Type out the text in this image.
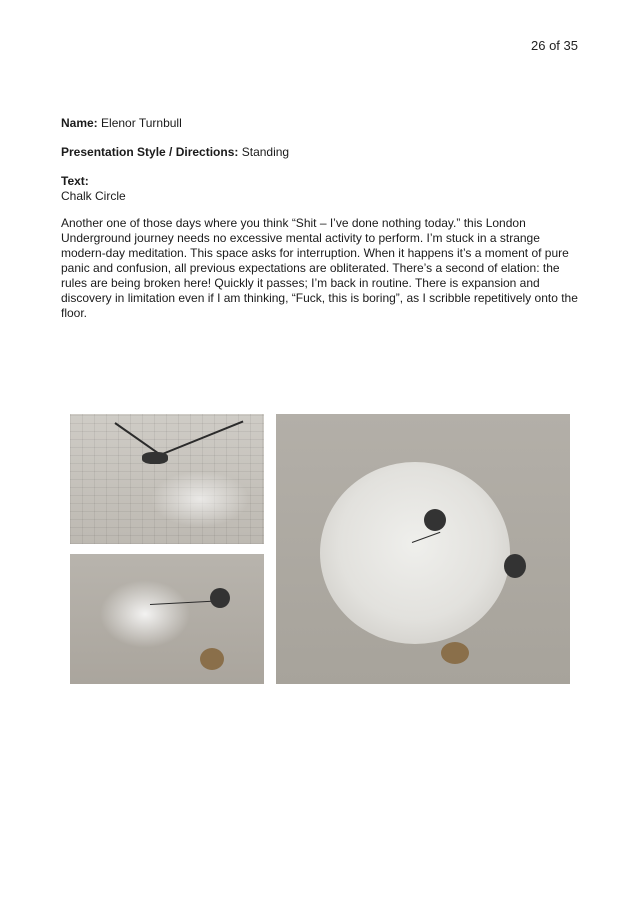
26 of 35
Name: Elenor Turnbull
Presentation Style / Directions: Standing
Text:
Chalk Circle

Another one of those days where you think “Shit – I’ve done nothing today.” this London Underground journey needs no excessive mental activity to perform. I’m stuck in a strange modern-day meditation. This space asks for interruption. When it happens it’s a moment of pure panic and confusion, all previous expectations are obliterated. There’s a second of elation: the rules are being broken here! Quickly it passes; I’m back in routine. There is expansion and discovery in limitation even if I am thinking, “Fuck, this is boring”, as I scribble repetitively onto the floor.
